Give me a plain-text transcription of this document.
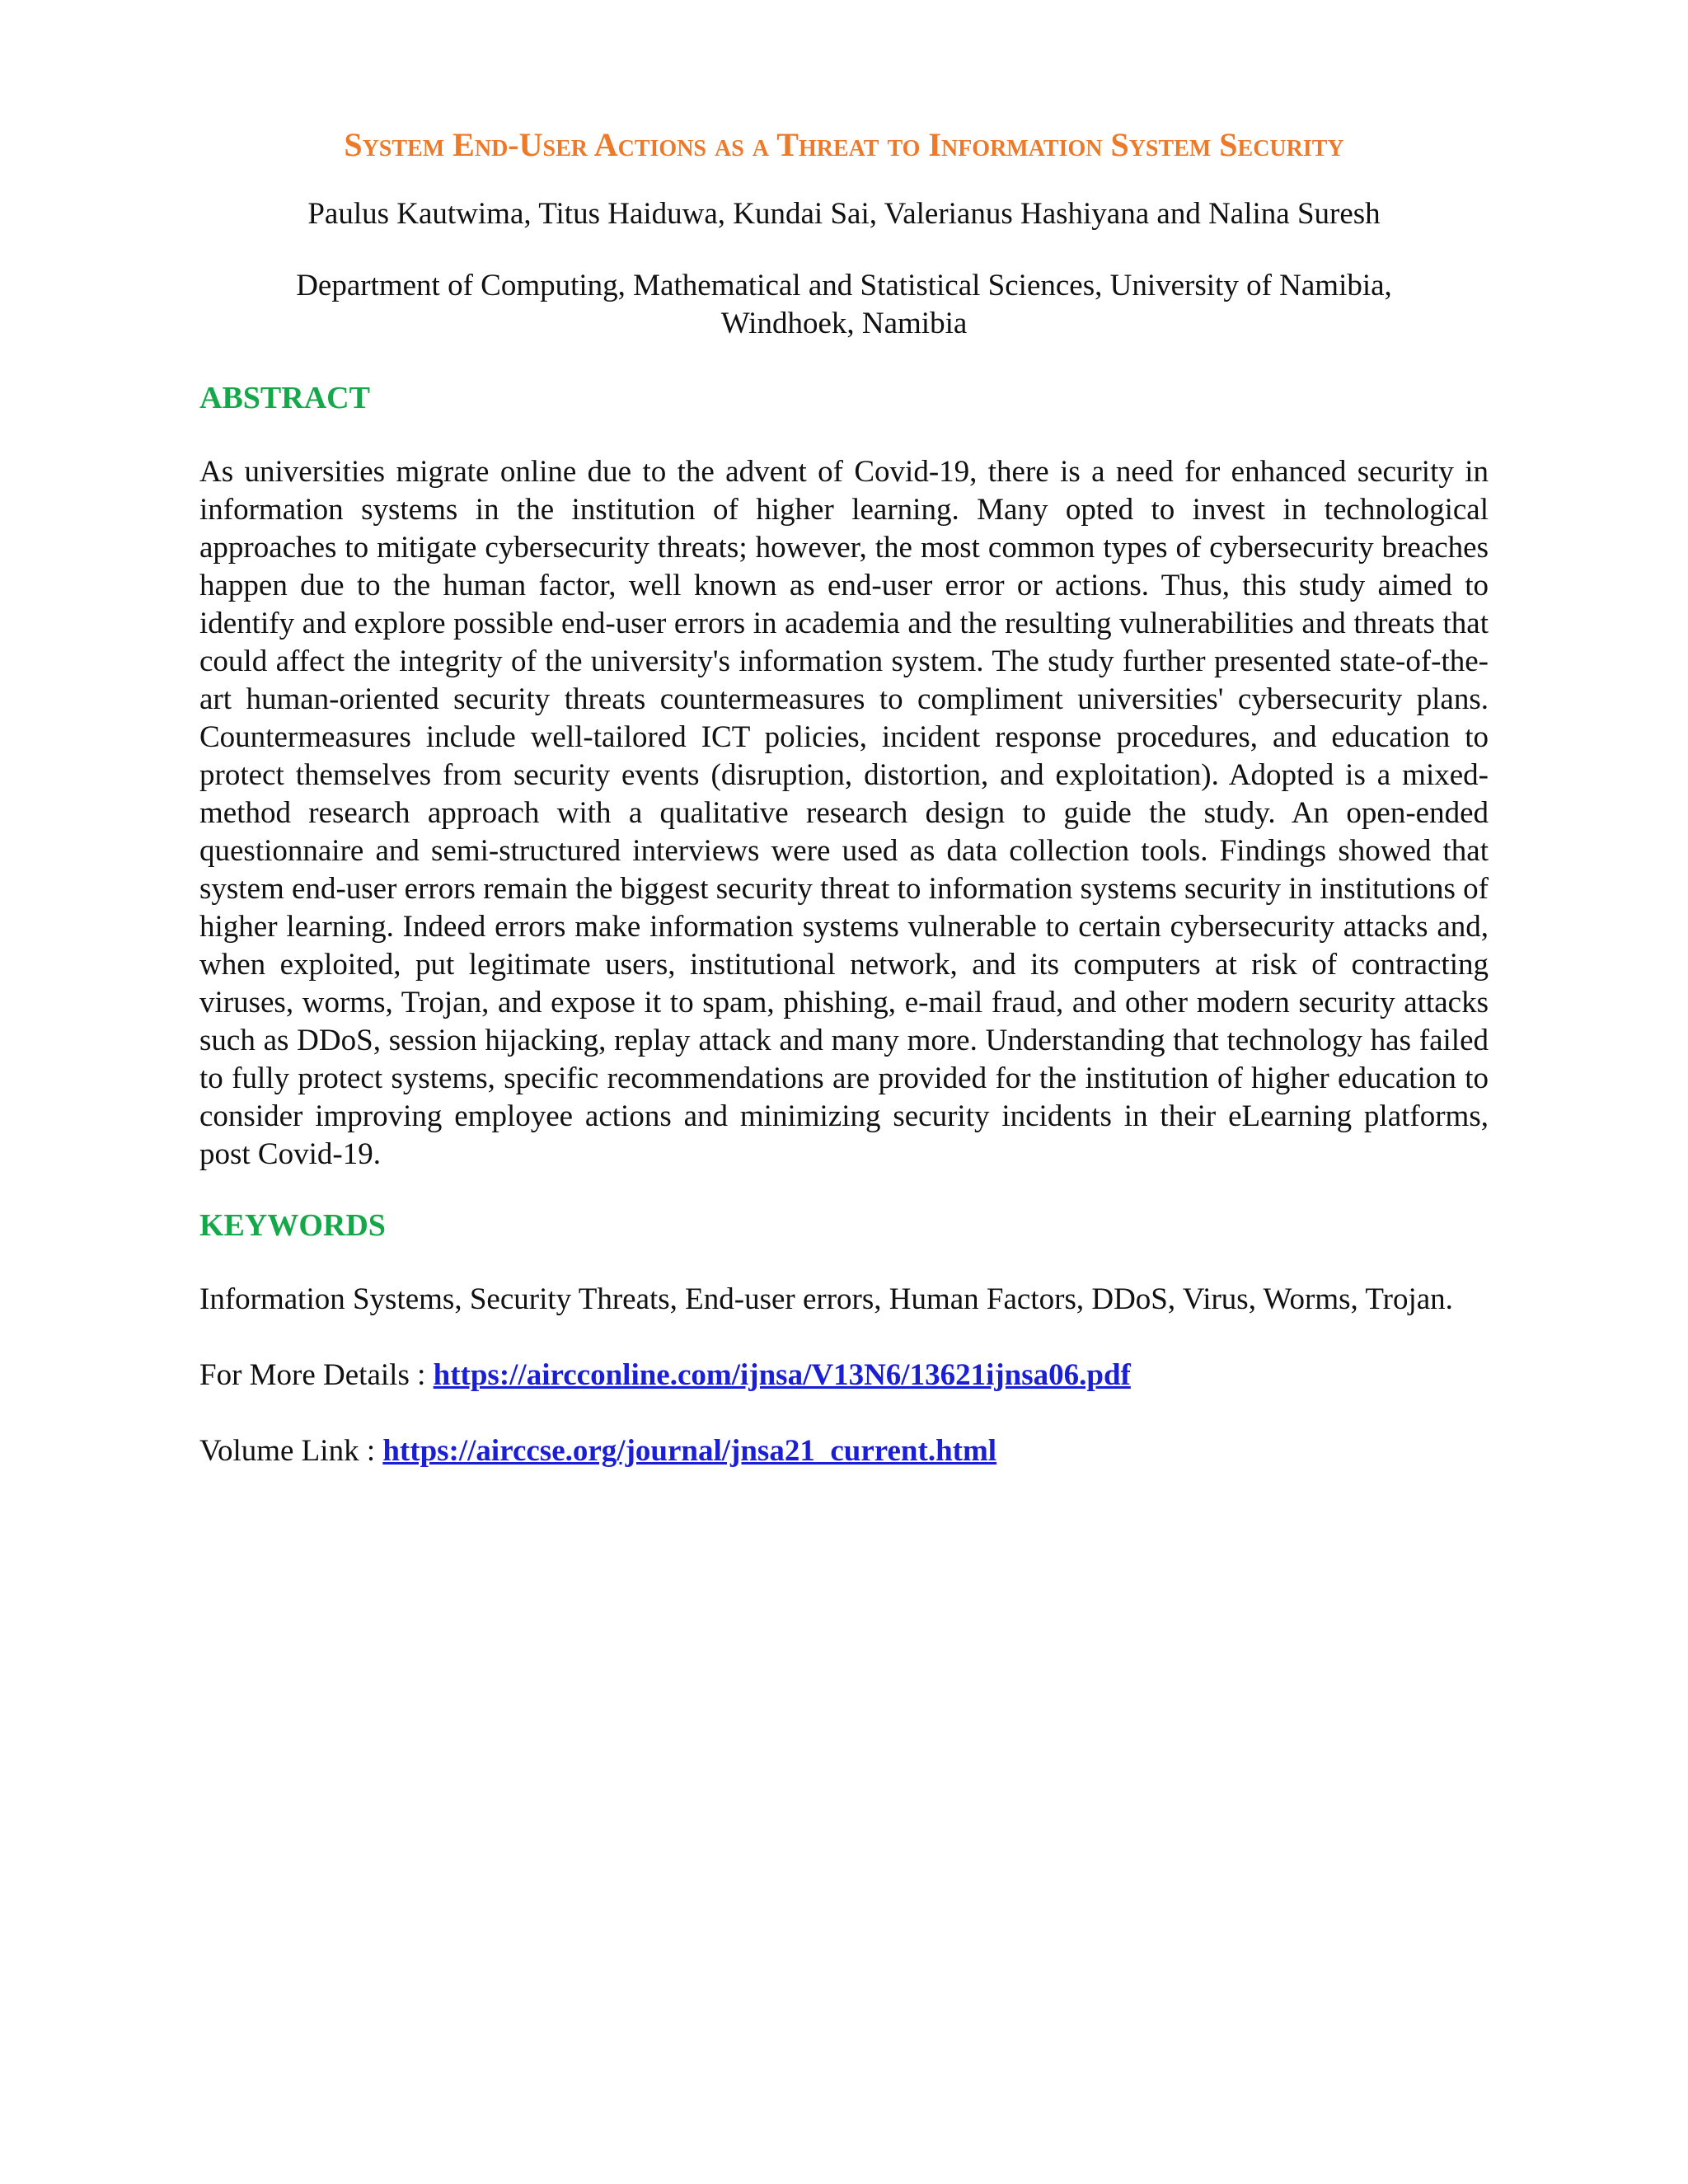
System End-User Actions as a Threat to Information System Security

Paulus Kautwima, Titus Haiduwa, Kundai Sai, Valerianus Hashiyana and Nalina Suresh

Department of Computing, Mathematical and Statistical Sciences, University of Namibia,
Windhoek, Namibia

ABSTRACT

As universities migrate online due to the advent of Covid-19, there is a need for enhanced security in information systems in the institution of higher learning. Many opted to invest in technological approaches to mitigate cybersecurity threats; however, the most common types of cybersecurity breaches happen due to the human factor, well known as end-user error or actions. Thus, this study aimed to identify and explore possible end-user errors in academia and the resulting vulnerabilities and threats that could affect the integrity of the university's information system. The study further presented state-of-the-art human-oriented security threats countermeasures to compliment universities' cybersecurity plans. Countermeasures include well-tailored ICT policies, incident response procedures, and education to protect themselves from security events (disruption, distortion, and exploitation). Adopted is a mixed-method research approach with a qualitative research design to guide the study. An open-ended questionnaire and semi-structured interviews were used as data collection tools. Findings showed that system end-user errors remain the biggest security threat to information systems security in institutions of higher learning. Indeed errors make information systems vulnerable to certain cybersecurity attacks and, when exploited, put legitimate users, institutional network, and its computers at risk of contracting viruses, worms, Trojan, and expose it to spam, phishing, e-mail fraud, and other modern security attacks such as DDoS, session hijacking, replay attack and many more. Understanding that technology has failed to fully protect systems, specific recommendations are provided for the institution of higher education to consider improving employee actions and minimizing security incidents in their eLearning platforms, post Covid-19.

KEYWORDS

Information Systems, Security Threats, End-user errors, Human Factors, DDoS, Virus, Worms, Trojan.

For More Details : https://aircconline.com/ijnsa/V13N6/13621ijnsa06.pdf

Volume Link : https://airccse.org/journal/jnsa21_current.html
